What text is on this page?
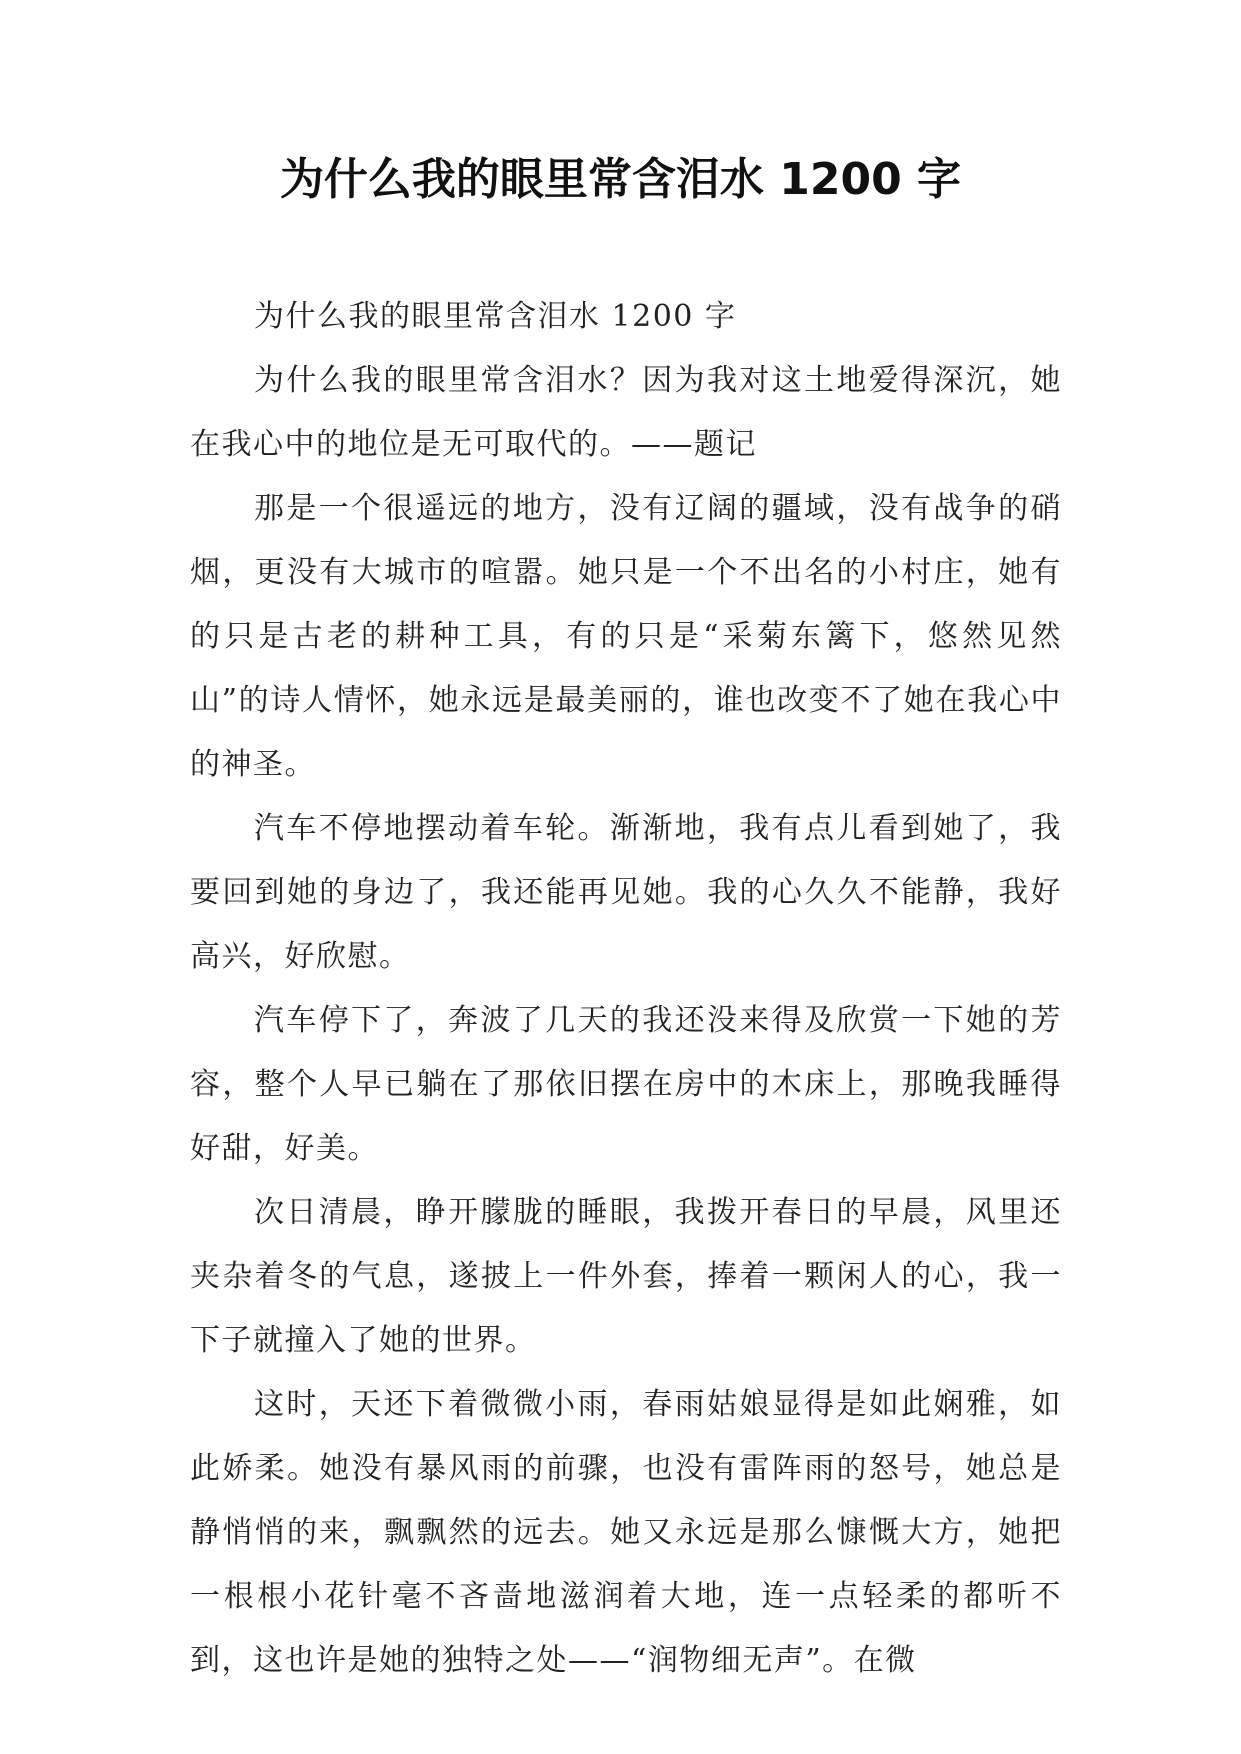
为什么我的眼里常含泪水 1200 字

为什么我的眼里常含泪水 1200 字

为什么我的眼里常含泪水？因为我对这土地爱得深沉，她在我心中的地位是无可取代的。——题记

那是一个很遥远的地方，没有辽阔的疆域，没有战争的硝烟，更没有大城市的喧嚣。她只是一个不出名的小村庄，她有的只是古老的耕种工具，有的只是“采菊东篱下，悠然见然山”的诗人情怀，她永远是最美丽的，谁也改变不了她在我心中的神圣。

汽车不停地摆动着车轮。渐渐地，我有点儿看到她了，我要回到她的身边了，我还能再见她。我的心久久不能静，我好高兴，好欣慰。

汽车停下了，奔波了几天的我还没来得及欣赏一下她的芳容，整个人早已躺在了那依旧摆在房中的木床上，那晚我睡得好甜，好美。

次日清晨，睁开朦胧的睡眼，我拨开春日的早晨，风里还夹杂着冬的气息，遂披上一件外套，捧着一颗闲人的心，我一下子就撞入了她的世界。

这时，天还下着微微小雨，春雨姑娘显得是如此娴雅，如此娇柔。她没有暴风雨的前骤，也没有雷阵雨的怒号，她总是静悄悄的来，飘飘然的远去。她又永远是那么慷慨大方，她把一根根小花针毫不吝啬地滋润着大地，连一点轻柔的都听不到，这也许是她的独特之处——“润物细无声”。在微
